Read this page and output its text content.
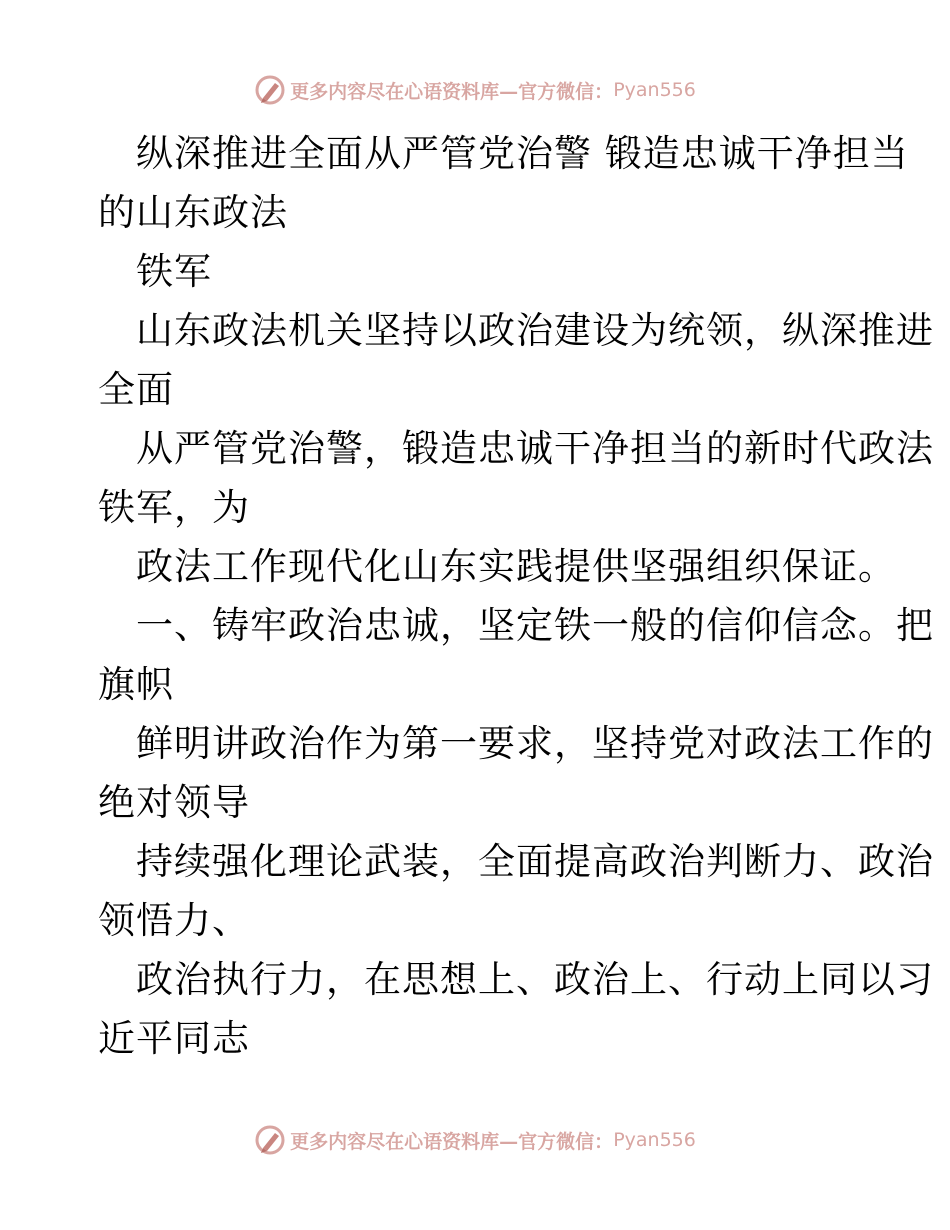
更多内容尽在心语资料库— 官方微信： Pyan556
纵深推进全面从严管党治警 锻造忠诚干净担当
的山东政法
铁军
山东政法机关坚持以政治建设为统领，纵深推进
全面
从严管党治警，锻造忠诚干净担当的新时代政法
铁军，为
政法工作现代化山东实践提供坚强组织保证。
一、铸牢政治忠诚，坚定铁一般的信仰信念。把
旗帜
鲜明讲政治作为第一要求，坚持党对政法工作的
绝对领导
持续强化理论武装，全面提高政治判断力、政治
领悟力、
政治执行力，在思想上、政治上、行动上同以习
近平同志
更多内容尽在心语资料库— 官方微信： Pyan556
